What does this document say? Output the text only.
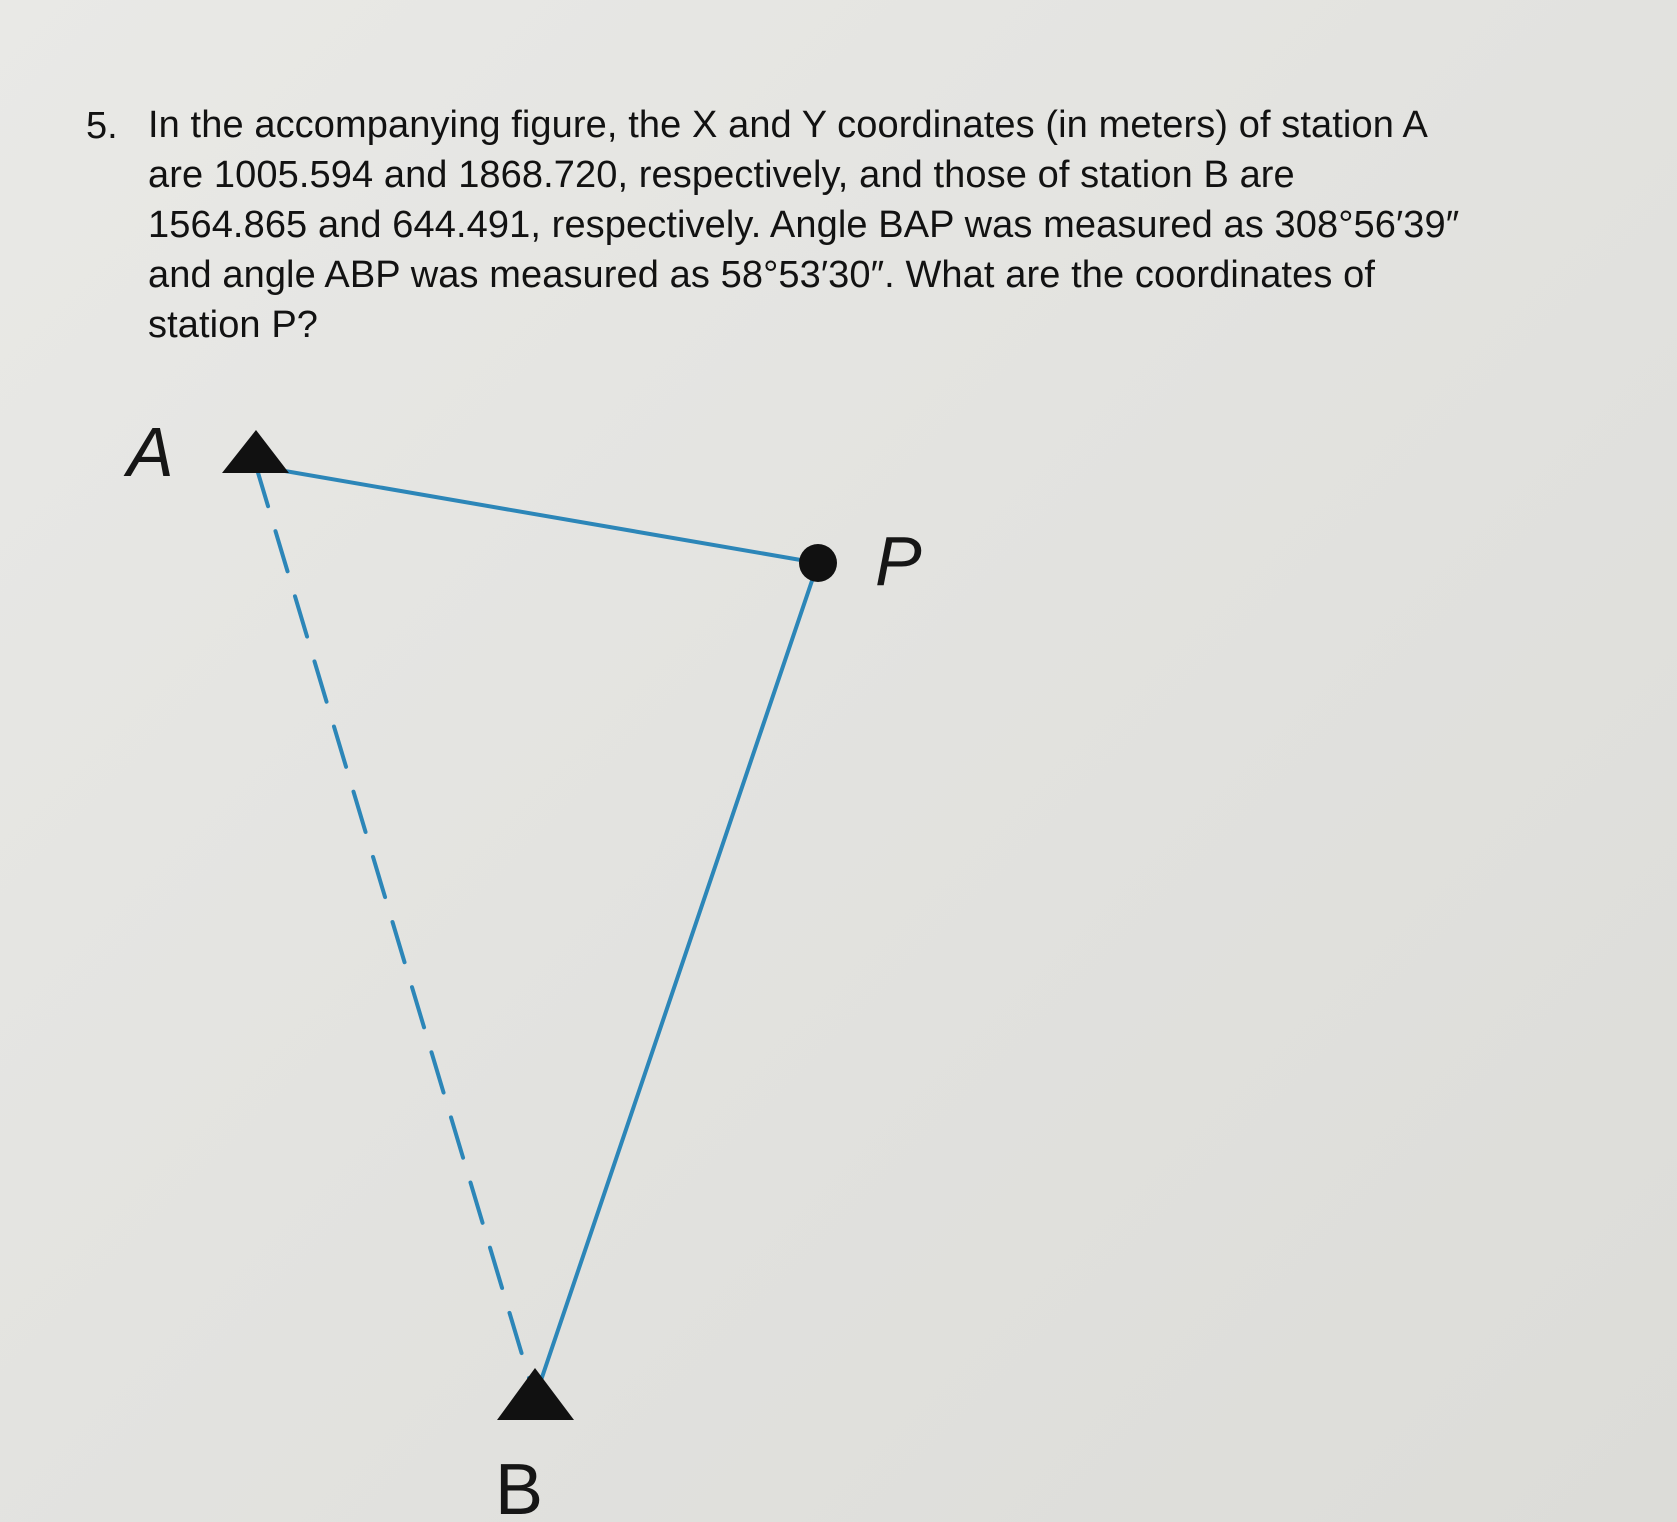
5. In the accompanying figure, the X and Y coordinates (in meters) of station A
are 1005.594 and 1868.720, respectively, and those of station B are
1564.865 and 644.491, respectively. Angle BAP was measured as 308°56′39″
and angle ABP was measured as 58°53′30″. What are the coordinates of
station P?
A
P
B
